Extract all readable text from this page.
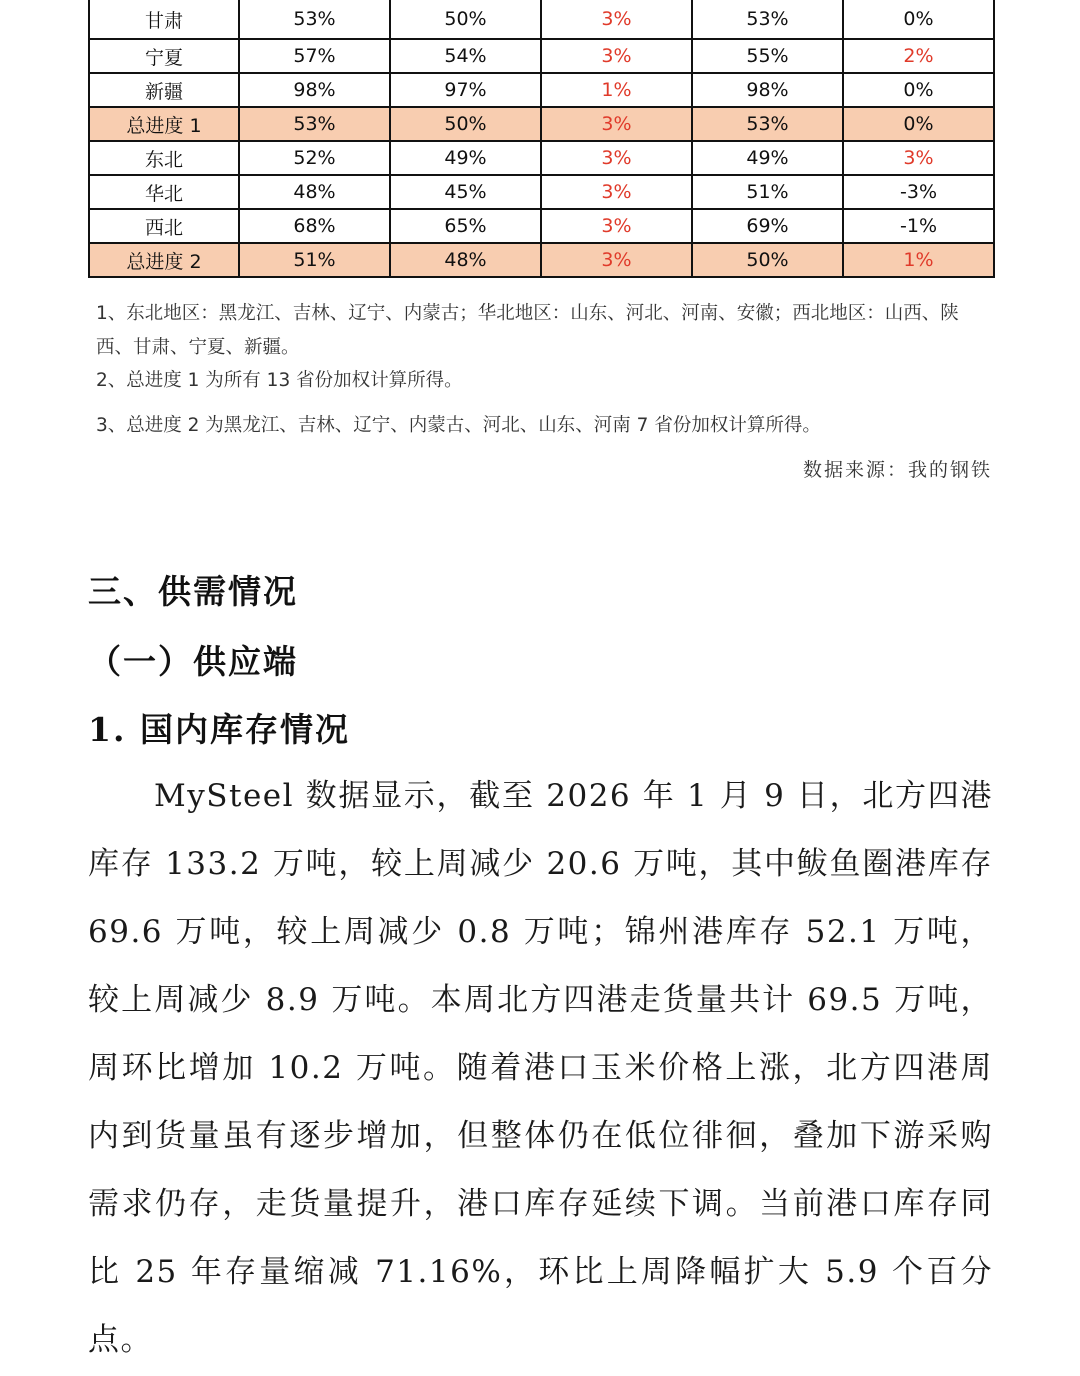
甘肃	53%	50%	3%	53%	0%
宁夏	57%	54%	3%	55%	2%
新疆	98%	97%	1%	98%	0%
总进度 1	53%	50%	3%	53%	0%
东北	52%	49%	3%	49%	3%
华北	48%	45%	3%	51%	-3%
西北	68%	65%	3%	69%	-1%
总进度 2	51%	48%	3%	50%	1%
1、东北地区：黑龙江、吉林、辽宁、内蒙古；华北地区：山东、河北、河南、安徽；西北地区：山西、陕西、甘肃、宁夏、新疆。
2、总进度 1 为所有 13 省份加权计算所得。
3、总进度 2 为黑龙江、吉林、辽宁、内蒙古、河北、山东、河南 7 省份加权计算所得。
数据来源：我的钢铁
三、供需情况
（一）供应端
1. 国内库存情况
MySteel 数据显示，截至 2026 年 1 月 9 日，北方四港库存 133.2 万吨，较上周减少 20.6 万吨，其中鲅鱼圈港库存 69.6 万吨，较上周减少 0.8 万吨；锦州港库存 52.1 万吨，较上周减少 8.9 万吨。本周北方四港走货量共计 69.5 万吨，周环比增加 10.2 万吨。随着港口玉米价格上涨，北方四港周内到货量虽有逐步增加，但整体仍在低位徘徊，叠加下游采购需求仍存，走货量提升，港口库存延续下调。当前港口库存同比 25 年存量缩减 71.16%，环比上周降幅扩大 5.9 个百分点。
